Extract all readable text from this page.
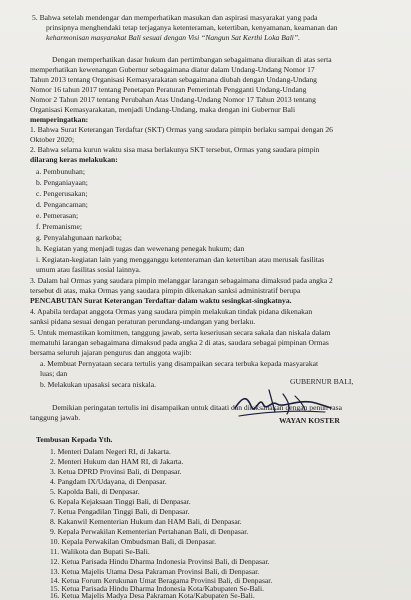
5. Bahwa setelah mendengar dan memperhatikan masukan dan aspirasi masyarakat yang pada
prinsipnya menghendaki tetap terjaganya ketenteraman, ketertiban, kenyamanan, keamanan dan
keharmonisan masyarakat Bali sesuai dengan Visi “Nangun Sat Kerthi Loka Bali”.
Dengan memperhatikan dasar hukum dan pertimbangan sebagaimana diuraikan di atas serta
memperhatikan kewenangan Gubernur sebagaimana diatur dalam Undang-Undang Nomor 17
Tahun 2013 tentang Organisasi Kemasyarakatan sebagaimana diubah dengan Undang-Undang
Nomor 16 tahun 2017 tentang Penetapan Peraturan Pemerintah Pengganti Undang-Undang
Nomor 2 Tahun 2017 tentang Perubahan Atas Undang-Undang Nomor 17 Tahun 2013 tentang
Organisasi Kemasyarakatan, menjadi Undang-Undang, maka dengan ini Gubernur Bali
memperingatkan:
1. Bahwa Surat Keterangan Terdaftar (SKT) Ormas yang saudara pimpin berlaku sampai dengan 26
Oktober 2020;
2. Bahwa selama kurun waktu sisa masa berlakunya SKT tersebut, Ormas yang saudara pimpin
dilarang keras melakukan:
a. Pembunuhan;
b. Penganiayaan;
c. Pengerusakan;
d. Pengancaman;
e. Pemerasan;
f. Premanisme;
g. Penyalahgunaan narkoba;
h. Kegiatan yang menjadi tugas dan wewenang penegak hukum; dan
i. Kegiatan-kegiatan lain yang mengganggu ketenteraman dan ketertiban atau merusak fasilitas
umum atau fasilitas sosial lainnya.
3. Dalam hal Ormas yang saudara pimpin melanggar larangan sebagaimana dimaksud pada angka 2
tersebut di atas, maka Ormas yang saudara pimpin dikenakan sanksi administratif berupa
PENCABUTAN Surat Keterangan Terdaftar dalam waktu sesingkat-singkatnya.
4. Apabila terdapat anggota Ormas yang saudara pimpin melakukan tindak pidana dikenakan
sanksi pidana sesuai dengan peraturan perundang-undangan yang berlaku.
5. Untuk memastikan komitmen, tanggung jawab, serta keseriusan secara sakala dan niskala dalam
mematuhi larangan sebagaimana dimaksud pada angka 2 di atas, saudara sebagai pimpinan Ormas
bersama seluruh jajaran pengurus dan anggota wajib:
a. Membuat Pernyataan secara tertulis yang disampaikan secara terbuka kepada masyarakat
luas; dan
b. Melakukan upasaksi secara niskala.
Demikian peringatan tertulis ini disampaikan untuk ditaati dan dilaksanakan dengan penuh rasa
tanggung jawab.
GUBERNUR BALI,
WAYAN KOSTER
Tembusan Kepada Yth.
1. Menteri Dalam Negeri RI, di Jakarta.
2. Menteri Hukum dan HAM RI, di Jakarta.
3. Ketua DPRD Provinsi Bali, di Denpasar.
4. Pangdam IX/Udayana, di Denpasar.
5. Kapolda Bali, di Denpasar.
6. Kepala Kejaksaan Tinggi Bali, di Denpasar.
7. Ketua Pengadilan Tinggi Bali, di Denpasar.
8. Kakanwil Kementerian Hukum dan HAM Bali, di Denpasar.
9. Kepala Perwakilan Kementerian Pertahanan Bali, di Denpasar.
10. Kepala Perwakilan Ombudsman Bali, di Denpasar.
11. Walikota dan Bupati Se-Bali.
12. Ketua Parisada Hindu Dharma Indonesia Provinsi Bali, di Denpasar.
13. Ketua Majelis Utama Desa Pakraman Provinsi Bali, di Denpasar.
14. Ketua Forum Kerukunan Umat Beragama Provinsi Bali, di Denpasar.
15. Ketua Parisada Hindu Dharma Indonesia Kota/Kabupaten Se-Bali.
16. Ketua Majelis Madya Desa Pakraman Kota/Kabupaten Se-Bali.
